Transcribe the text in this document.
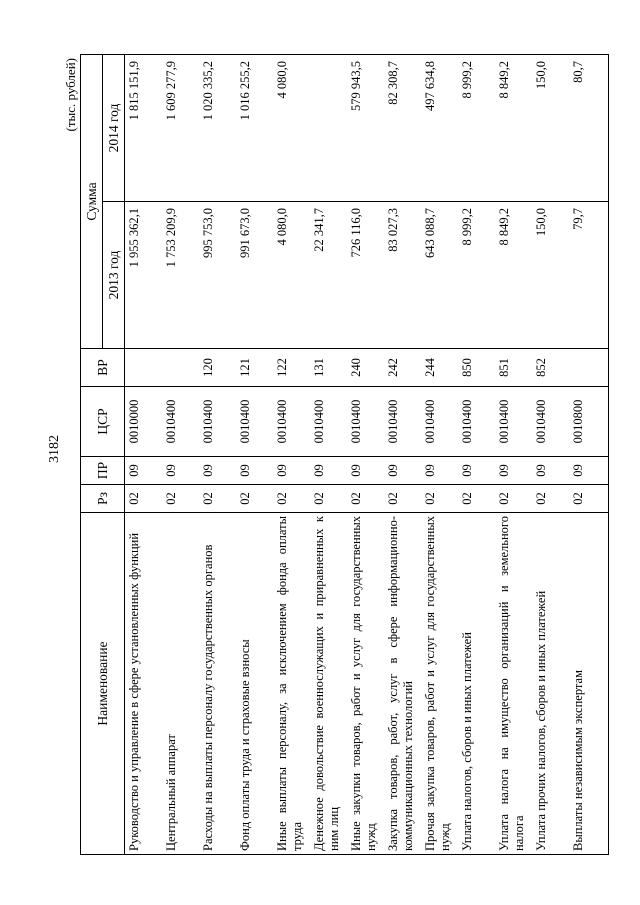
3182
(тыс. рублей)
Наименование	Рз	ПР	ЦСР	ВР	Сумма	
					2013 год	2014 год
Руководство и управление в сфере установленных функций	02	09	0010000		1 955 362,1	1 815 151,9
Центральный аппарат	02	09	0010400		1 753 209,9	1 609 277,9
Расходы на выплаты персоналу государственных органов	02	09	0010400	120	995 753,0	1 020 335,2
Фонд оплаты труда и страховые взносы	02	09	0010400	121	991 673,0	1 016 255,2
Иные выплаты персоналу, за исключением фонда оплаты труда	02	09	0010400	122	4 080,0	4 080,0
Денежное довольствие военнослужащих и приравненных к ним лиц	02	09	0010400	131	22 341,7	
Иные закупки товаров, работ и услуг для государственных нужд	02	09	0010400	240	726 116,0	579 943,5
Закупка товаров, работ, услуг в сфере информационно-коммуникационных технологий	02	09	0010400	242	83 027,3	82 308,7
Прочая закупка товаров, работ и услуг для государственных нужд	02	09	0010400	244	643 088,7	497 634,8
Уплата налогов, сборов и иных платежей	02	09	0010400	850	8 999,2	8 999,2
Уплата налога на имущество организаций и земельного налога	02	09	0010400	851	8 849,2	8 849,2
Уплата прочих налогов, сборов и иных платежей	02	09	0010400	852	150,0	150,0
Выплаты независимым экспертам	02	09	0010800		79,7	80,7
